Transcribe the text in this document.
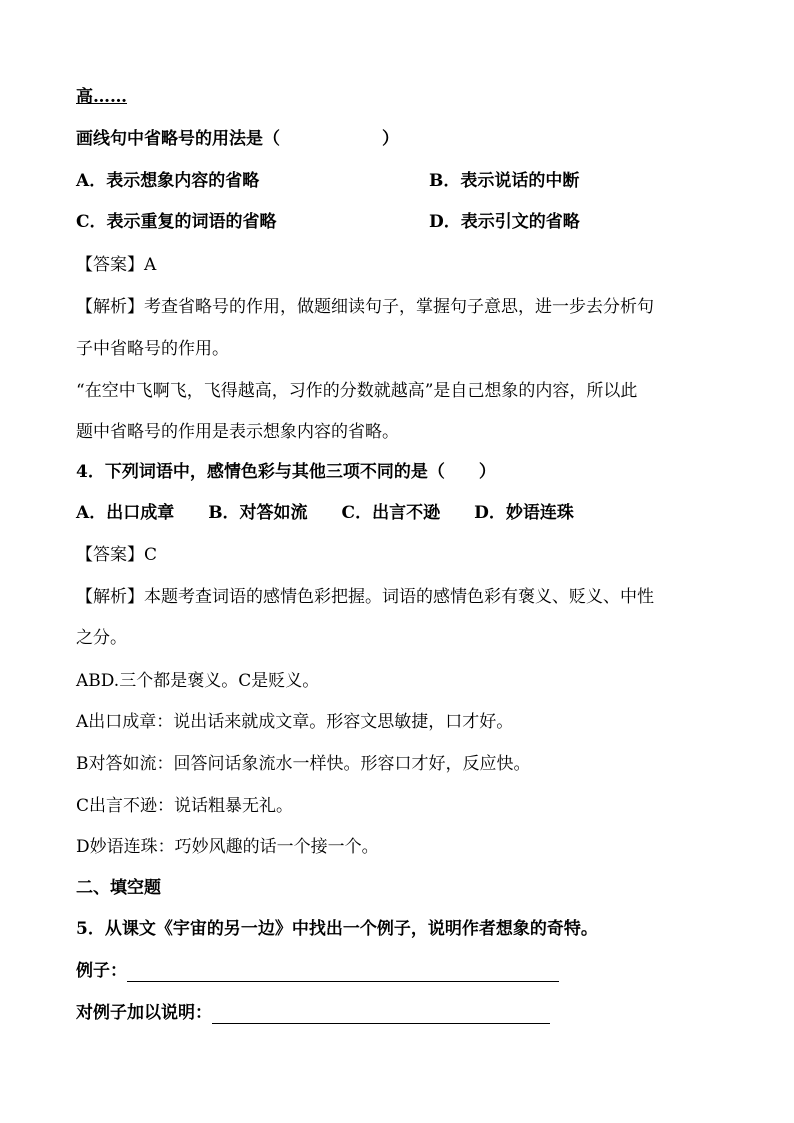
高……
画线句中省略号的用法是（　　　　　　）
A．表示想象内容的省略	B．表示说话的中断
C．表示重复的词语的省略	D．表示引文的省略
【答案】A
【解析】考查省略号的作用，做题细读句子，掌握句子意思，进一步去分析句
子中省略号的作用。
“在空中飞啊飞，飞得越高，习作的分数就越高”是自己想象的内容，所以此
题中省略号的作用是表示想象内容的省略。
4．下列词语中，感情色彩与其他三项不同的是（　　）
A．出口成章　　B．对答如流　　C．出言不逊　　D．妙语连珠
【答案】C
【解析】本题考查词语的感情色彩把握。词语的感情色彩有褒义、贬义、中性
之分。
ABD.三个都是褒义。C是贬义。
A出口成章：说出话来就成文章。形容文思敏捷，口才好。
B对答如流：回答问话象流水一样快。形容口才好，反应快。
C出言不逊：说话粗暴无礼。
D妙语连珠：巧妙风趣的话一个接一个。
二、填空题
5．从课文《宇宙的另一边》中找出一个例子，说明作者想象的奇特。
例子：
对例子加以说明：
